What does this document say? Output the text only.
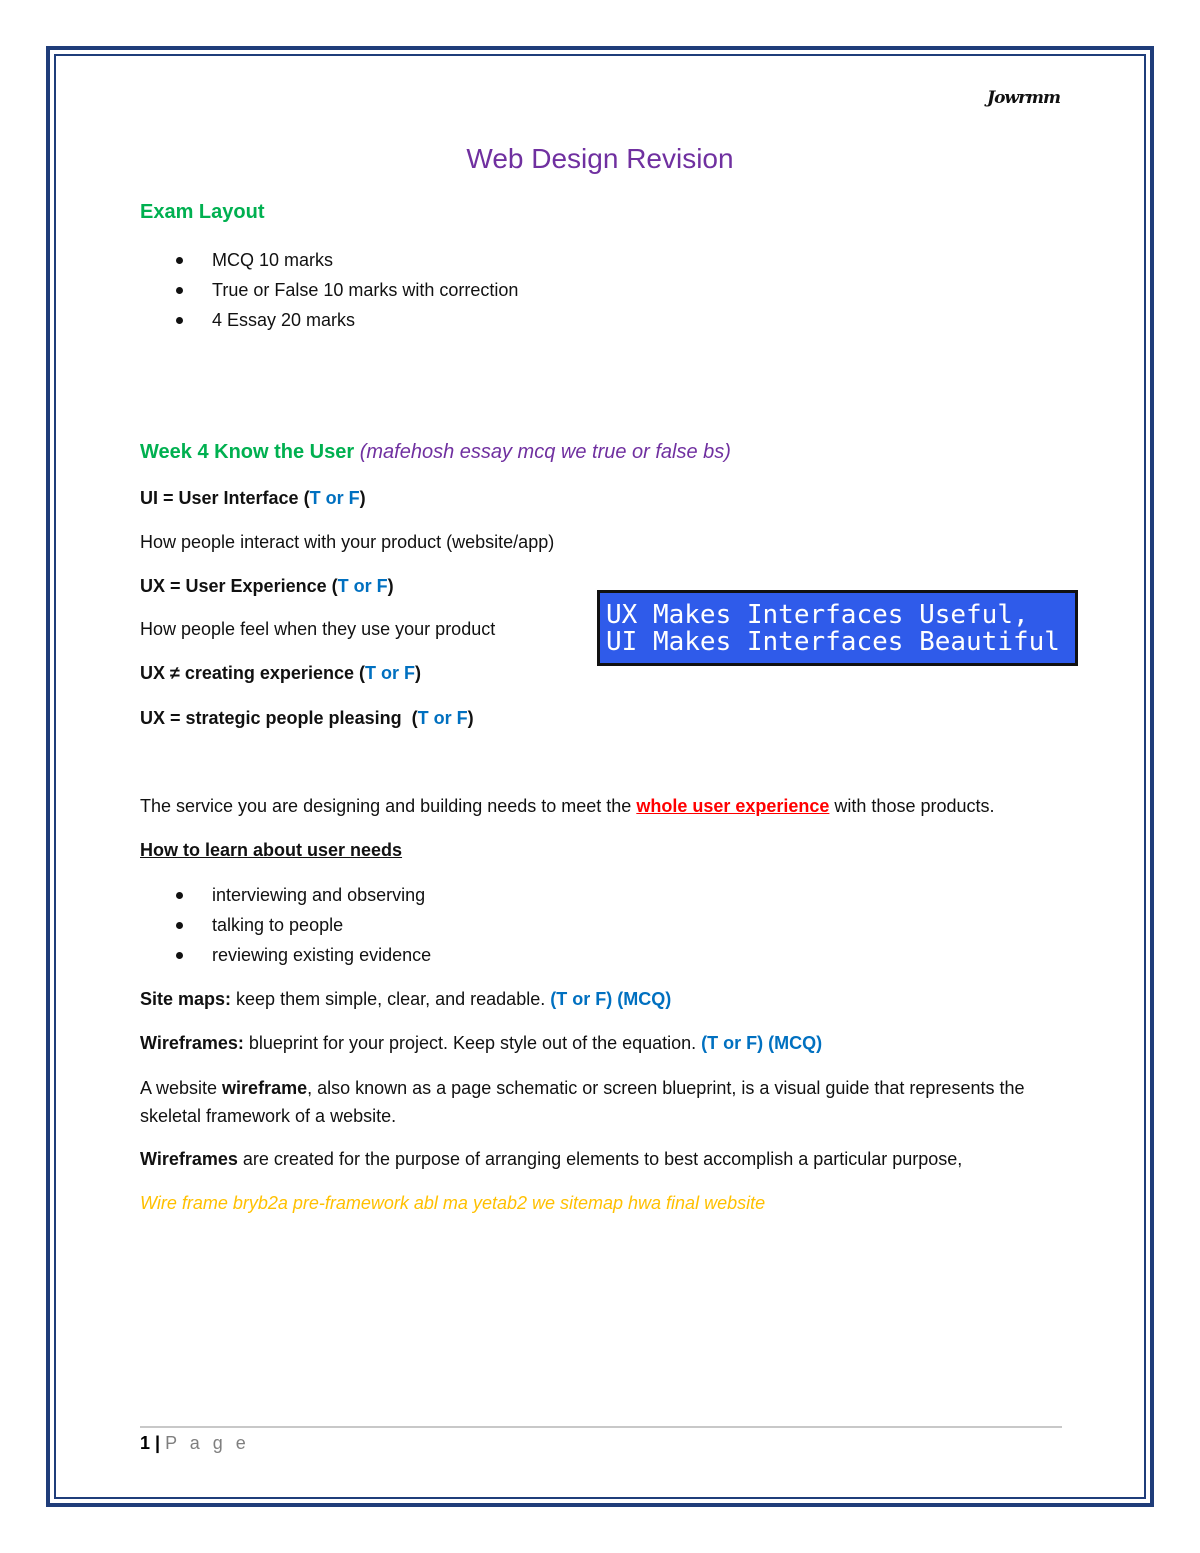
Jowrmm
Web Design Revision
Exam Layout
MCQ 10 marks
True or False 10 marks with correction
4 Essay 20 marks
Week 4 Know the User (mafehosh essay mcq we true or false bs)
UI = User Interface (T or F)
How people interact with your product (website/app)
UX = User Experience (T or F)
How people feel when they use your product
UX ≠ creating experience (T or F)
UX = strategic people pleasing  (T or F)
UX Makes Interfaces Useful,
UI Makes Interfaces Beautiful
The service you are designing and building needs to meet the whole user experience with those products.
How to learn about user needs
interviewing and observing
talking to people
reviewing existing evidence
Site maps: keep them simple, clear, and readable. (T or F) (MCQ)
Wireframes: blueprint for your project. Keep style out of the equation. (T or F) (MCQ)
A website wireframe, also known as a page schematic or screen blueprint, is a visual guide that represents the skeletal framework of a website.
Wireframes are created for the purpose of arranging elements to best accomplish a particular purpose,
Wire frame bryb2a pre-framework abl ma yetab2 we sitemap hwa final website
1 | P a g e
